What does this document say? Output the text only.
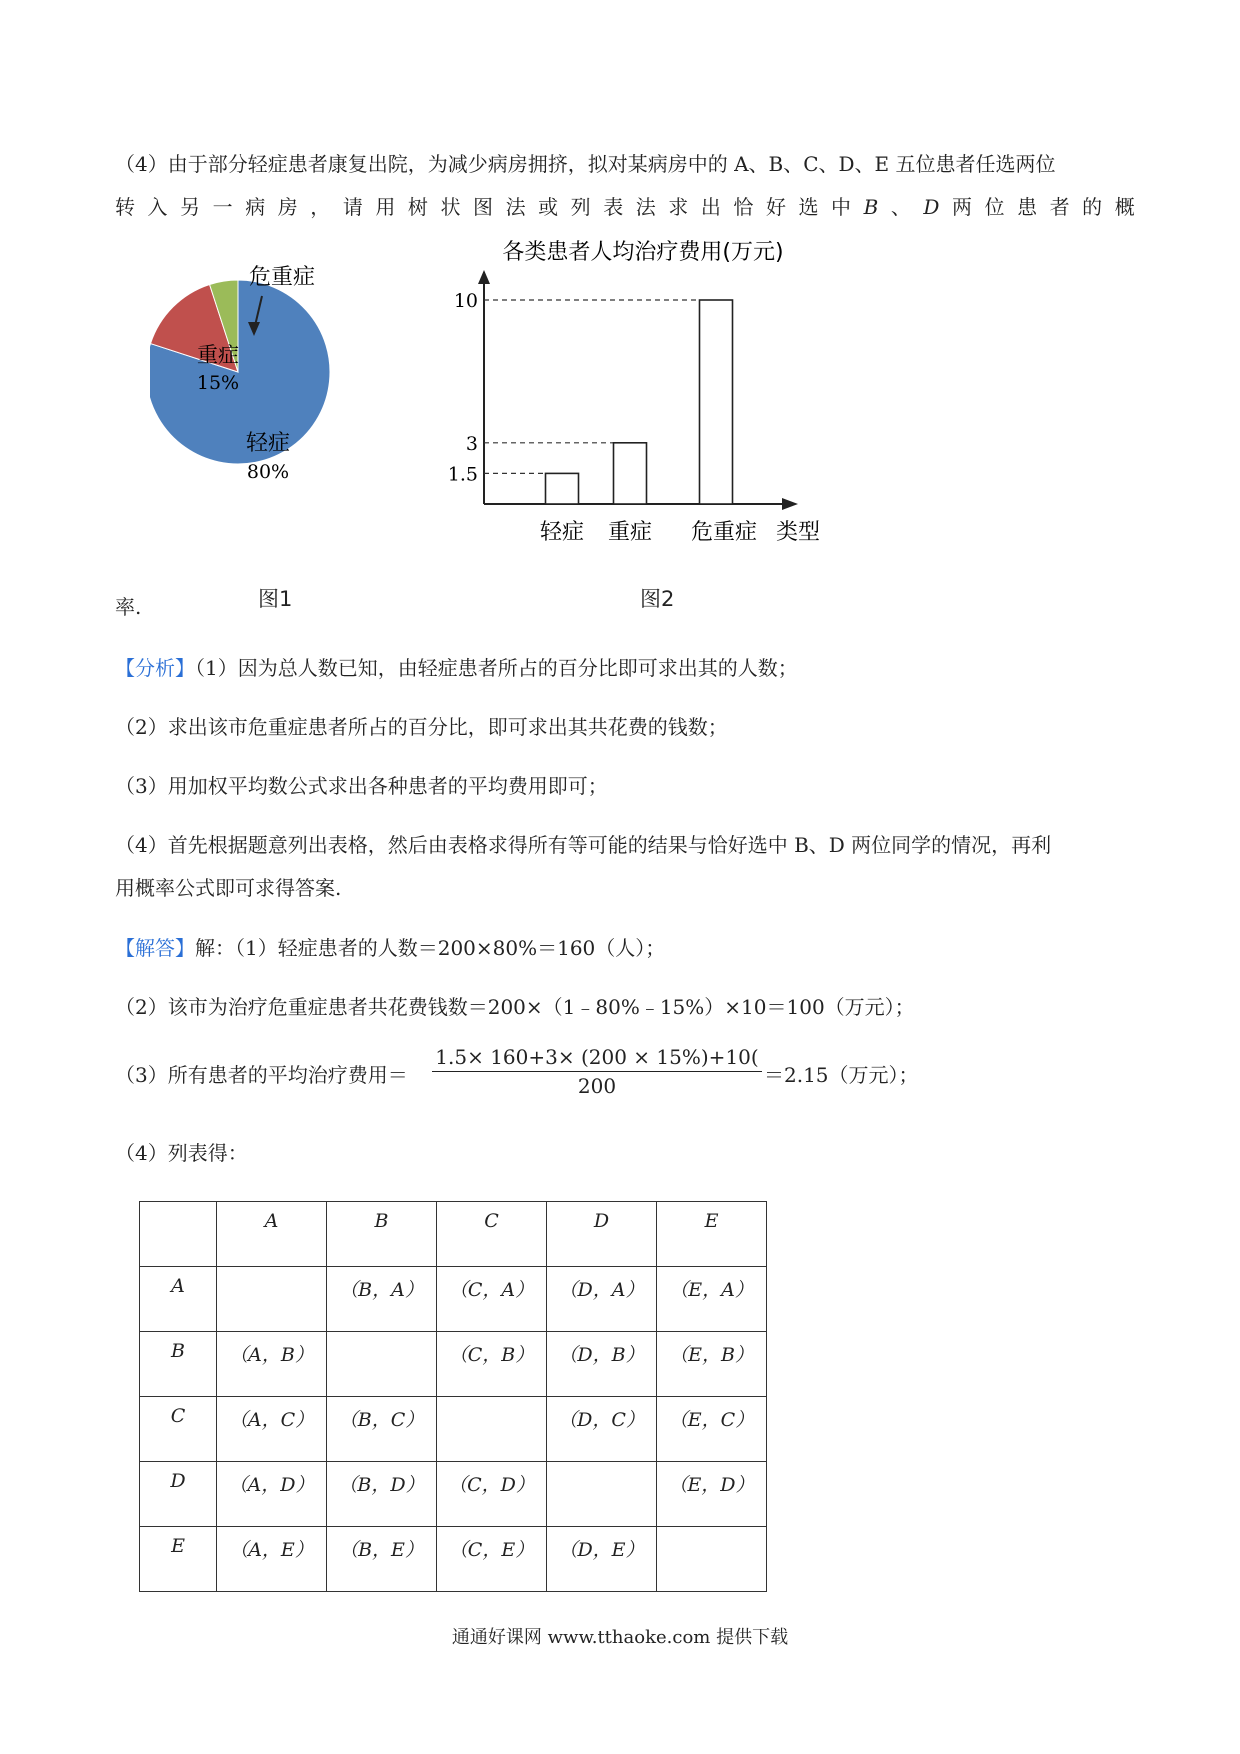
（4）由于部分轻症患者康复出院，为减少病房拥挤，拟对某病房中的 A、B、C、D、E 五位患者任选两位
转 入 另 一 病 房 ， 请 用 树 状 图 法 或 列 表 法 求 出 恰 好 选 中 B 、 D 两 位 患 者 的 概
率.
危重症
重症
15%
轻症
80%
图1
各类患者人均治疗费用(万元)
10
3
1.5
轻症 重症 危重症 类型
图2
【分析】（1）因为总人数已知，由轻症患者所占的百分比即可求出其的人数；
（2）求出该市危重症患者所占的百分比，即可求出其共花费的钱数；
（3）用加权平均数公式求出各种患者的平均费用即可；
（4）首先根据题意列出表格，然后由表格求得所有等可能的结果与恰好选中 B、D 两位同学的情况，再利
用概率公式即可求得答案.
【解答】解：（1）轻症患者的人数＝200×80%＝160（人）；
（2）该市为治疗危重症患者共花费钱数＝200×（1﹣80%﹣15%）×10＝100（万元）；
（3）所有患者的平均治疗费用＝ $\frac{1.5\times 160+3\times (200 \times 15\%)+10(}{200} =2.15$（万元）；
（4）列表得：
	A	B	C	D	E
A		（B，A）	（C，A）	（D，A）	（E，A）
B	（A，B）		（C，B）	（D，B）	（E，B）
C	（A，C）	（B，C）		（D，C）	（E，C）
D	（A，D）	（B，D）	（C，D）		（E，D）
E	（A，E）	（B，E）	（C，E）	（D，E）	
通通好课网 www.tthaoke.com 提供下载
